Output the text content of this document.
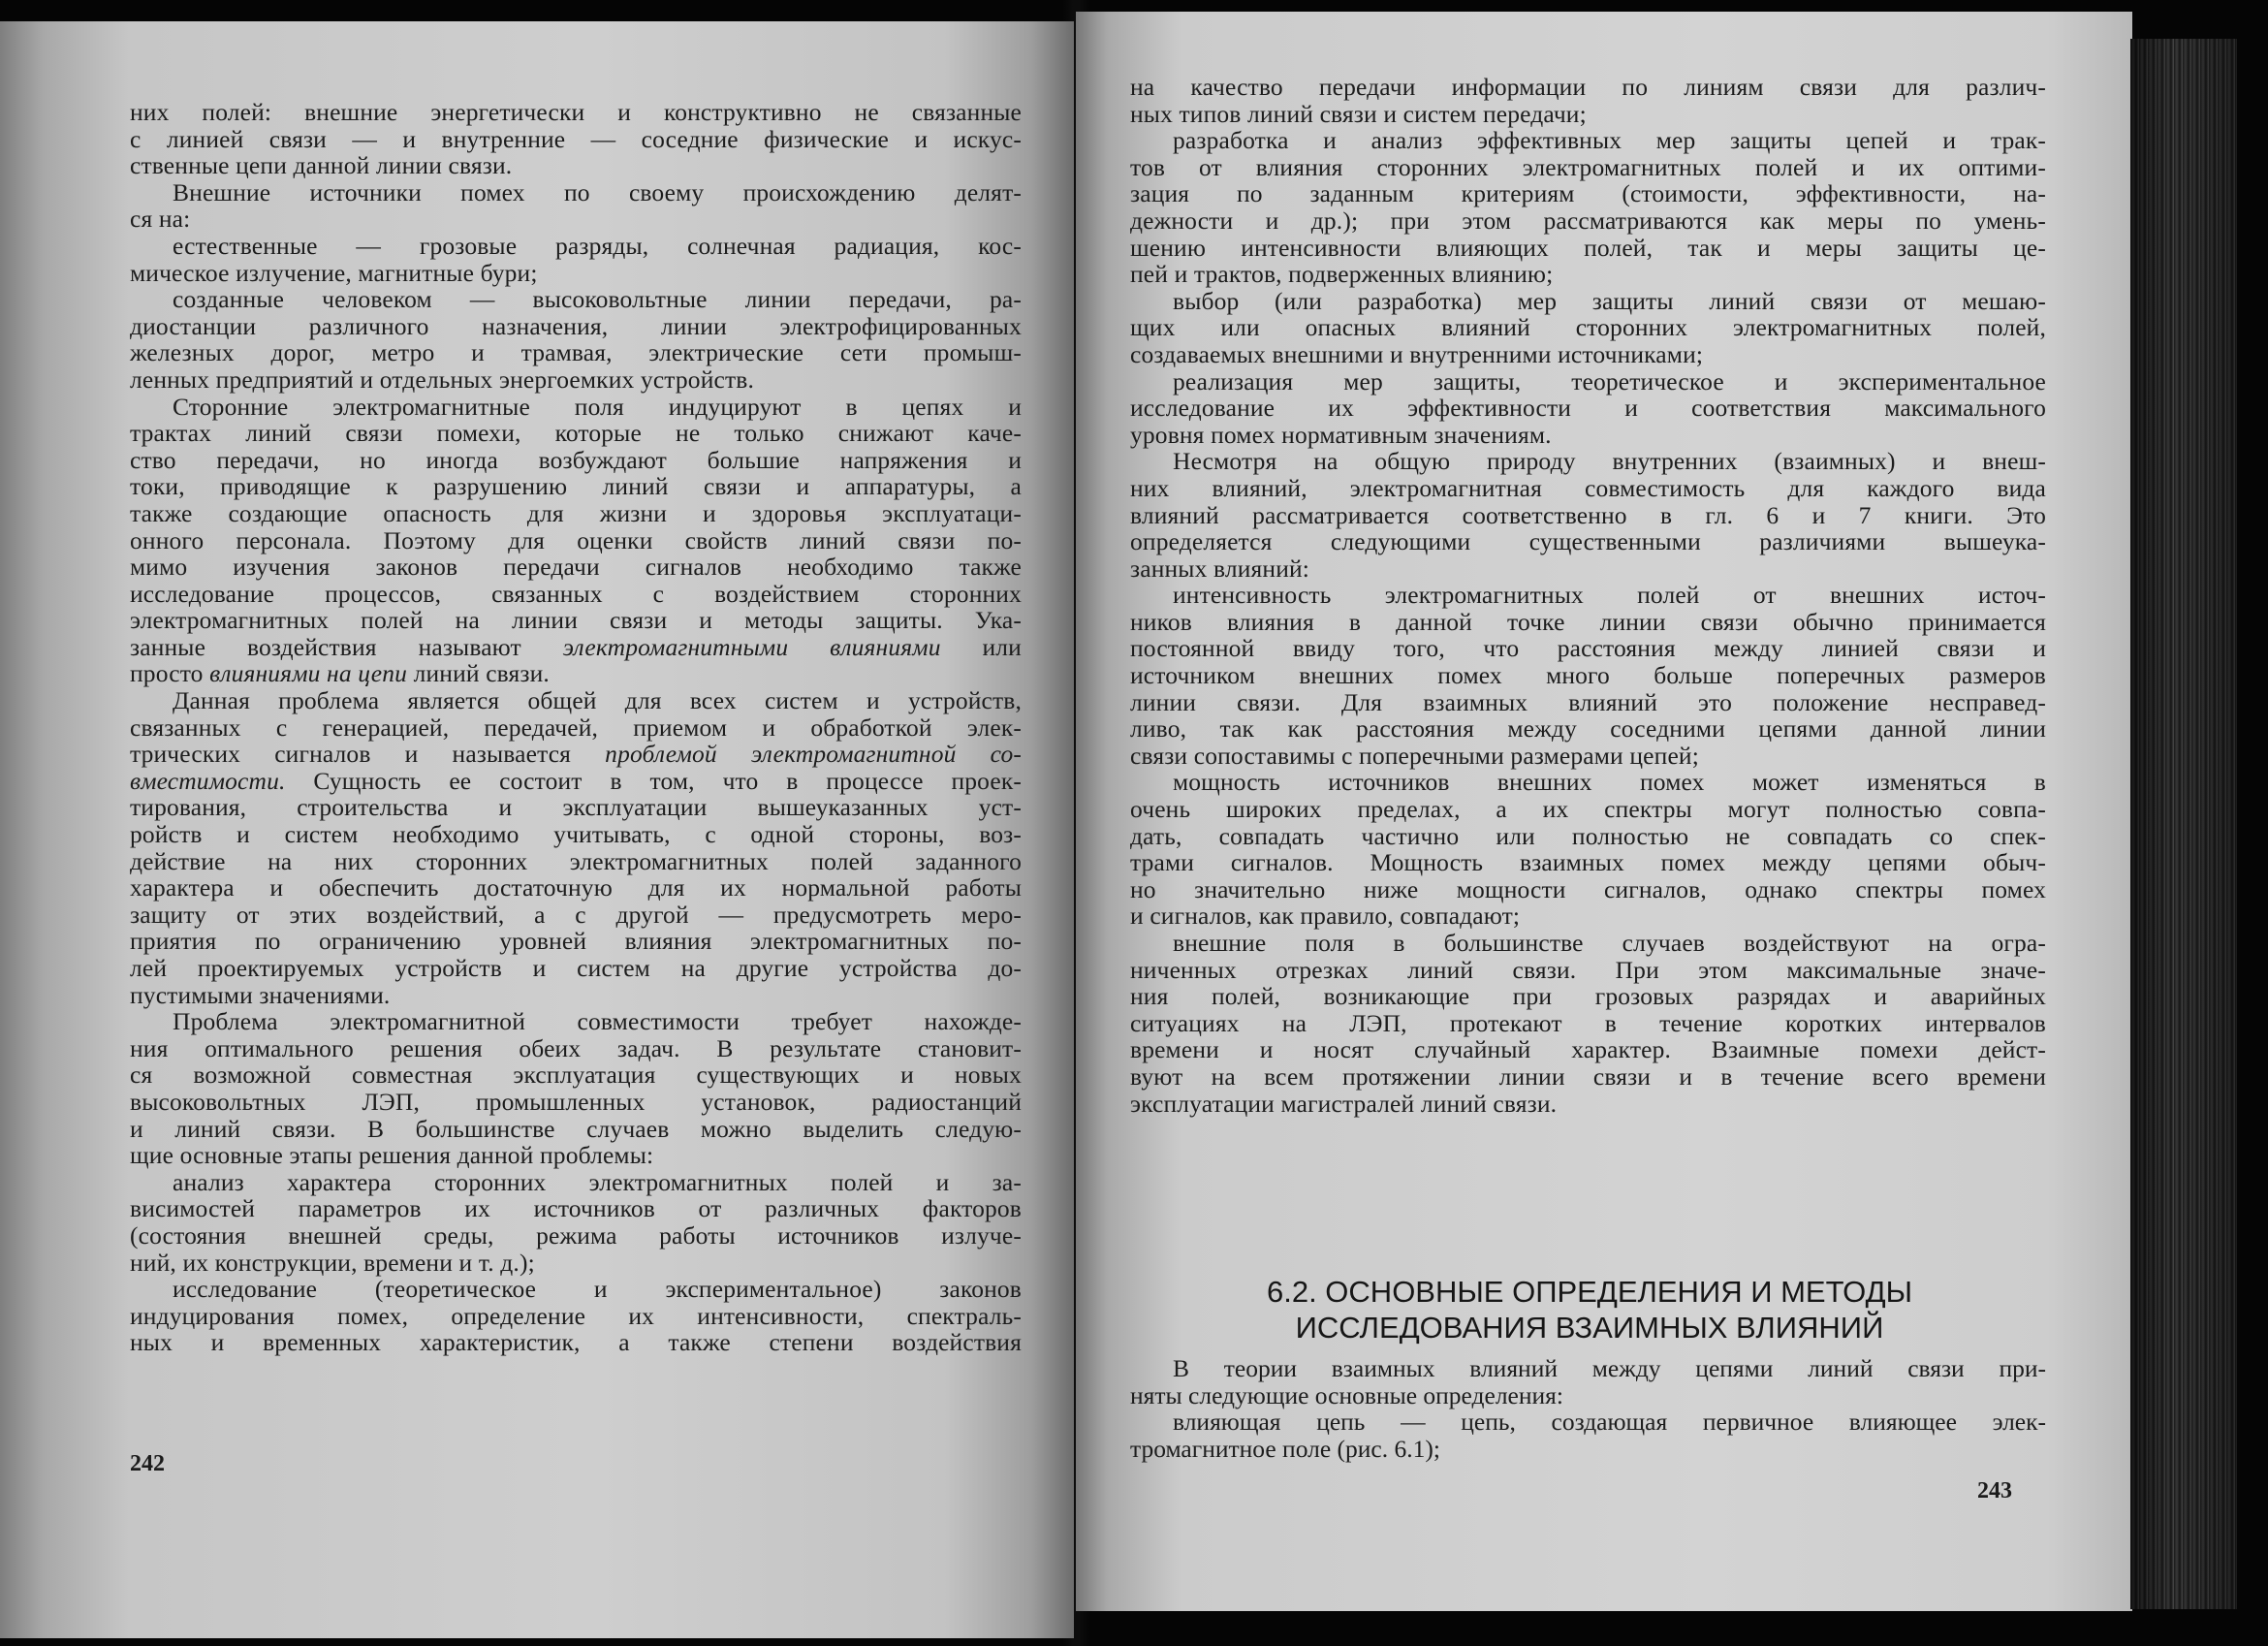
них полей: внешние энергетически и конструктивно не связанные
с линией связи — и внутренние — соседние физические и искус-
ственные цепи данной линии связи.
Внешние источники помех по своему происхождению делят-
ся на:
естественные — грозовые разряды, солнечная радиация, кос-
мическое излучение, магнитные бури;
созданные человеком — высоковольтные линии передачи, ра-
диостанции различного назначения, линии электрофицированных
железных дорог, метро и трамвая, электрические сети промыш-
ленных предприятий и отдельных энергоемких устройств.
Сторонние электромагнитные поля индуцируют в цепях и
трактах линий связи помехи, которые не только снижают каче-
ство передачи, но иногда возбуждают большие напряжения и
токи, приводящие к разрушению линий связи и аппаратуры, а
также создающие опасность для жизни и здоровья эксплуатаци-
онного персонала. Поэтому для оценки свойств линий связи по-
мимо изучения законов передачи сигналов необходимо также
исследование процессов, связанных с воздействием сторонних
электромагнитных полей на линии связи и методы защиты. Ука-
занные воздействия называют электромагнитными влияниями или
просто влияниями на цепи линий связи.
Данная проблема является общей для всех систем и устройств,
связанных с генерацией, передачей, приемом и обработкой элек-
трических сигналов и называется проблемой электромагнитной со-
вместимости. Сущность ее состоит в том, что в процессе проек-
тирования, строительства и эксплуатации вышеуказанных уст-
ройств и систем необходимо учитывать, с одной стороны, воз-
действие на них сторонних электромагнитных полей заданного
характера и обеспечить достаточную для их нормальной работы
защиту от этих воздействий, а с другой — предусмотреть меро-
приятия по ограничению уровней влияния электромагнитных по-
лей проектируемых устройств и систем на другие устройства до-
пустимыми значениями.
Проблема электромагнитной совместимости требует нахожде-
ния оптимального решения обеих задач. В результате становит-
ся возможной совместная эксплуатация существующих и новых
высоковольтных ЛЭП, промышленных установок, радиостанций
и линий связи. В большинстве случаев можно выделить следую-
щие основные этапы решения данной проблемы:
анализ характера сторонних электромагнитных полей и за-
висимостей параметров их источников от различных факторов
(состояния внешней среды, режима работы источников излуче-
ний, их конструкции, времени и т. д.);
исследование (теоретическое и экспериментальное) законов
индуцирования помех, определение их интенсивности, спектраль-
ных и временных характеристик, а также степени воздействия
242
на качество передачи информации по линиям связи для различ-
ных типов линий связи и систем передачи;
разработка и анализ эффективных мер защиты цепей и трак-
тов от влияния сторонних электромагнитных полей и их оптими-
зация по заданным критериям (стоимости, эффективности, на-
дежности и др.); при этом рассматриваются как меры по умень-
шению интенсивности влияющих полей, так и меры защиты це-
пей и трактов, подверженных влиянию;
выбор (или разработка) мер защиты линий связи от мешаю-
щих или опасных влияний сторонних электромагнитных полей,
создаваемых внешними и внутренними источниками;
реализация мер защиты, теоретическое и экспериментальное
исследование их эффективности и соответствия максимального
уровня помех нормативным значениям.
Несмотря на общую природу внутренних (взаимных) и внеш-
них влияний, электромагнитная совместимость для каждого вида
влияний рассматривается соответственно в гл. 6 и 7 книги. Это
определяется следующими существенными различиями вышеука-
занных влияний:
интенсивность электромагнитных полей от внешних источ-
ников влияния в данной точке линии связи обычно принимается
постоянной ввиду того, что расстояния между линией связи и
источником внешних помех много больше поперечных размеров
линии связи. Для взаимных влияний это положение несправед-
ливо, так как расстояния между соседними цепями данной линии
связи сопоставимы с поперечными размерами цепей;
мощность источников внешних помех может изменяться в
очень широких пределах, а их спектры могут полностью совпа-
дать, совпадать частично или полностью не совпадать со спек-
трами сигналов. Мощность взаимных помех между цепями обыч-
но значительно ниже мощности сигналов, однако спектры помех
и сигналов, как правило, совпадают;
внешние поля в большинстве случаев воздействуют на огра-
ниченных отрезках линий связи. При этом максимальные значе-
ния полей, возникающие при грозовых разрядах и аварийных
ситуациях на ЛЭП, протекают в течение коротких интервалов
времени и носят случайный характер. Взаимные помехи дейст-
вуют на всем протяжении линии связи и в течение всего времени
эксплуатации магистралей линий связи.
6.2. ОСНОВНЫЕ ОПРЕДЕЛЕНИЯ И МЕТОДЫ
ИССЛЕДОВАНИЯ ВЗАИМНЫХ ВЛИЯНИЙ
В теории взаимных влияний между цепями линий связи при-
няты следующие основные определения:
влияющая цепь — цепь, создающая первичное влияющее элек-
тромагнитное поле (рис. 6.1);
243
